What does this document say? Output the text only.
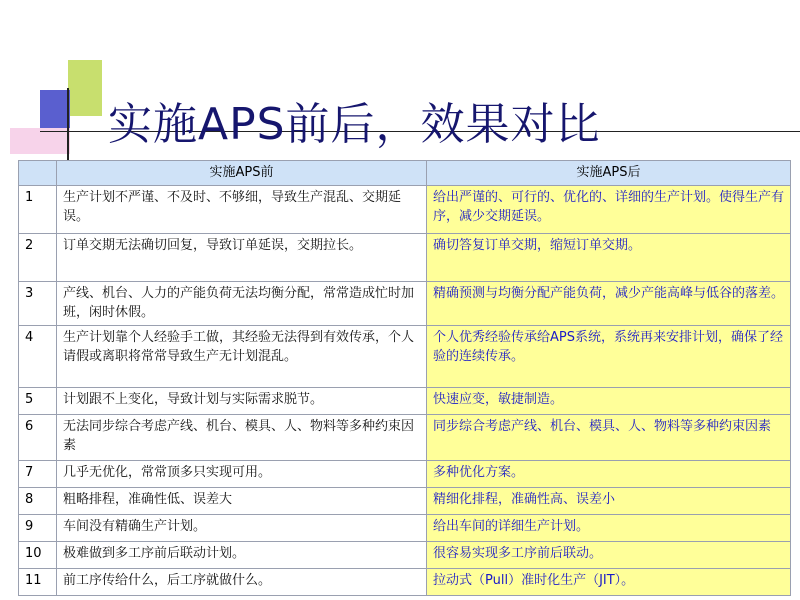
实施APS前后，效果对比
	实施APS前	实施APS后
1	生产计划不严谨、不及时、不够细，导致生产混乱、交期延误。	给出严谨的、可行的、优化的、详细的生产计划。使得生产有序，减少交期延误。
2	订单交期无法确切回复，导致订单延误，交期拉长。	确切答复订单交期，缩短订单交期。
3	产线、机台、人力的产能负荷无法均衡分配，常常造成忙时加班，闲时休假。	精确预测与均衡分配产能负荷，减少产能高峰与低谷的落差。
4	生产计划靠个人经验手工做，其经验无法得到有效传承，个人请假或离职将常常导致生产无计划混乱。	个人优秀经验传承给APS系统，系统再来安排计划，确保了经验的连续传承。
5	计划跟不上变化，导致计划与实际需求脱节。	快速应变，敏捷制造。
6	无法同步综合考虑产线、机台、模具、人、物料等多种约束因素	同步综合考虑产线、机台、模具、人、物料等多种约束因素
7	几乎无优化，常常顶多只实现可用。	多种优化方案。
8	粗略排程，准确性低、误差大	精细化排程，准确性高、误差小
9	车间没有精确生产计划。	给出车间的详细生产计划。
10	极难做到多工序前后联动计划。	很容易实现多工序前后联动。
11	前工序传给什么，后工序就做什么。	拉动式（Pull）准时化生产（JIT）。
